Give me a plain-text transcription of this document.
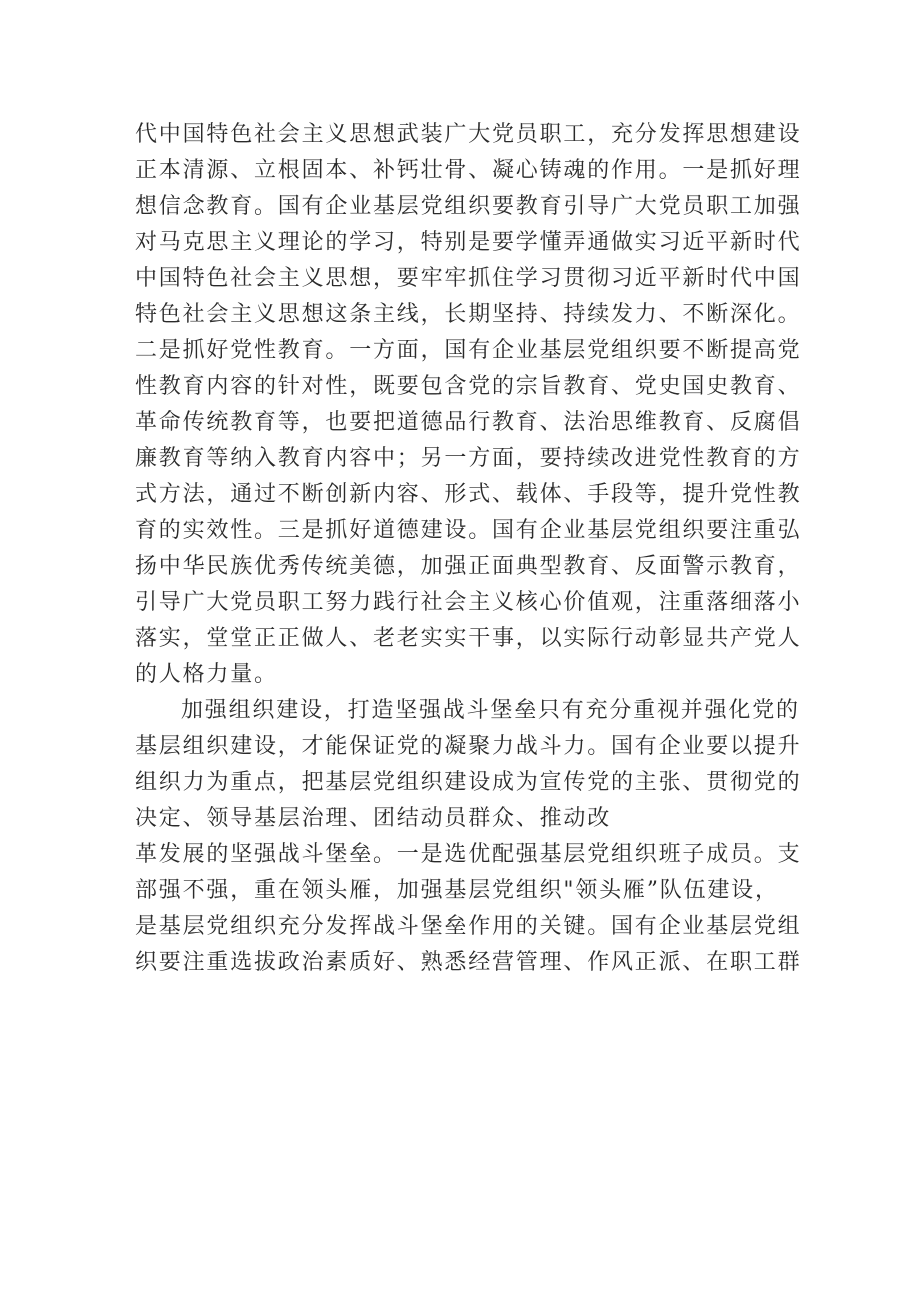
代中国特色社会主义思想武装广大党员职工，充分发挥思想建设
正本清源、立根固本、补钙壮骨、凝心铸魂的作用。一是抓好理
想信念教育。国有企业基层党组织要教育引导广大党员职工加强
对马克思主义理论的学习，特别是要学懂弄通做实习近平新时代
中国特色社会主义思想，要牢牢抓住学习贯彻习近平新时代中国
特色社会主义思想这条主线，长期坚持、持续发力、不断深化。
二是抓好党性教育。一方面，国有企业基层党组织要不断提高党
性教育内容的针对性，既要包含党的宗旨教育、党史国史教育、
革命传统教育等，也要把道德品行教育、法治思维教育、反腐倡
廉教育等纳入教育内容中；另一方面，要持续改进党性教育的方
式方法，通过不断创新内容、形式、载体、手段等，提升党性教
育的实效性。三是抓好道德建设。国有企业基层党组织要注重弘
扬中华民族优秀传统美德，加强正面典型教育、反面警示教育，
引导广大党员职工努力践行社会主义核心价值观，注重落细落小
落实，堂堂正正做人、老老实实干事，以实际行动彰显共产党人
的人格力量。
加强组织建设，打造坚强战斗堡垒只有充分重视并强化党的
基层组织建设，才能保证党的凝聚力战斗力。国有企业要以提升
组织力为重点，把基层党组织建设成为宣传党的主张、贯彻党的
决定、领导基层治理、团结动员群众、推动改
革发展的坚强战斗堡垒。一是选优配强基层党组织班子成员。支
部强不强，重在领头雁，加强基层党组织"领头雁”队伍建设，
是基层党组织充分发挥战斗堡垒作用的关键。国有企业基层党组
织要注重选拔政治素质好、熟悉经营管理、作风正派、在职工群
